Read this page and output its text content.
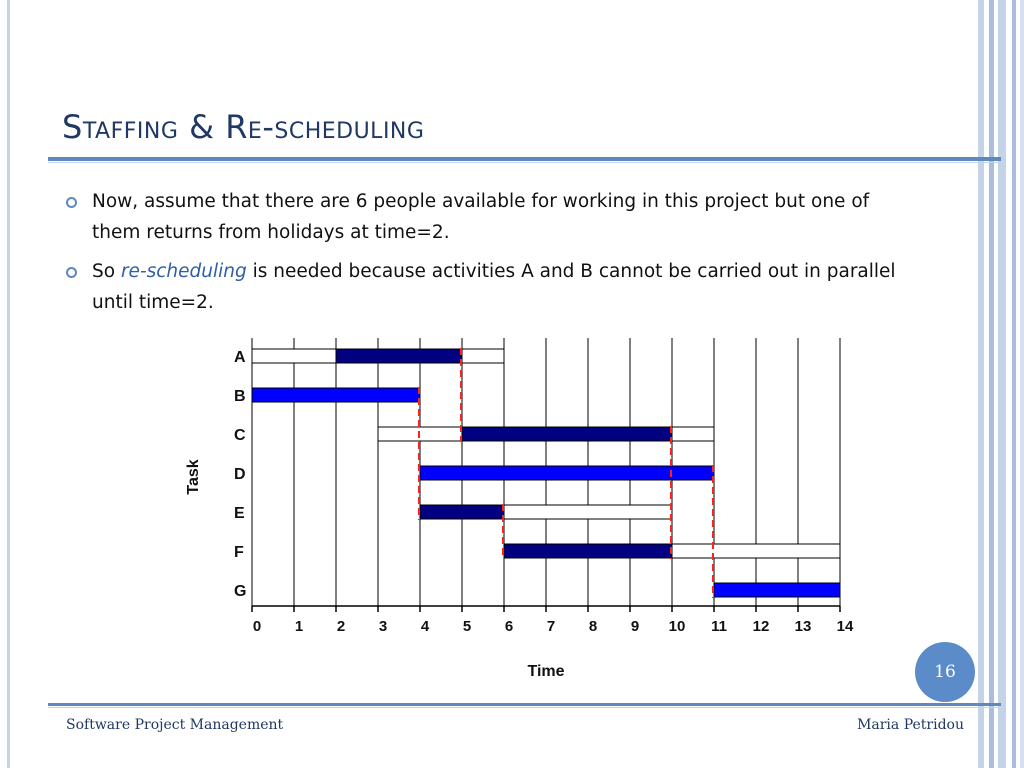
Staffing & Re-scheduling
Now, assume that there are 6 people available for working in this project but one of them returns from holidays at time=2.
So re-scheduling is needed because activities A and B cannot be carried out in parallel until time=2.
0 1 2 3 4 5 6 7 8 9 10 11 12 13 14
Time
Task
A
B
C
D
E
F
G
16
Software Project Management	Maria Petridou
